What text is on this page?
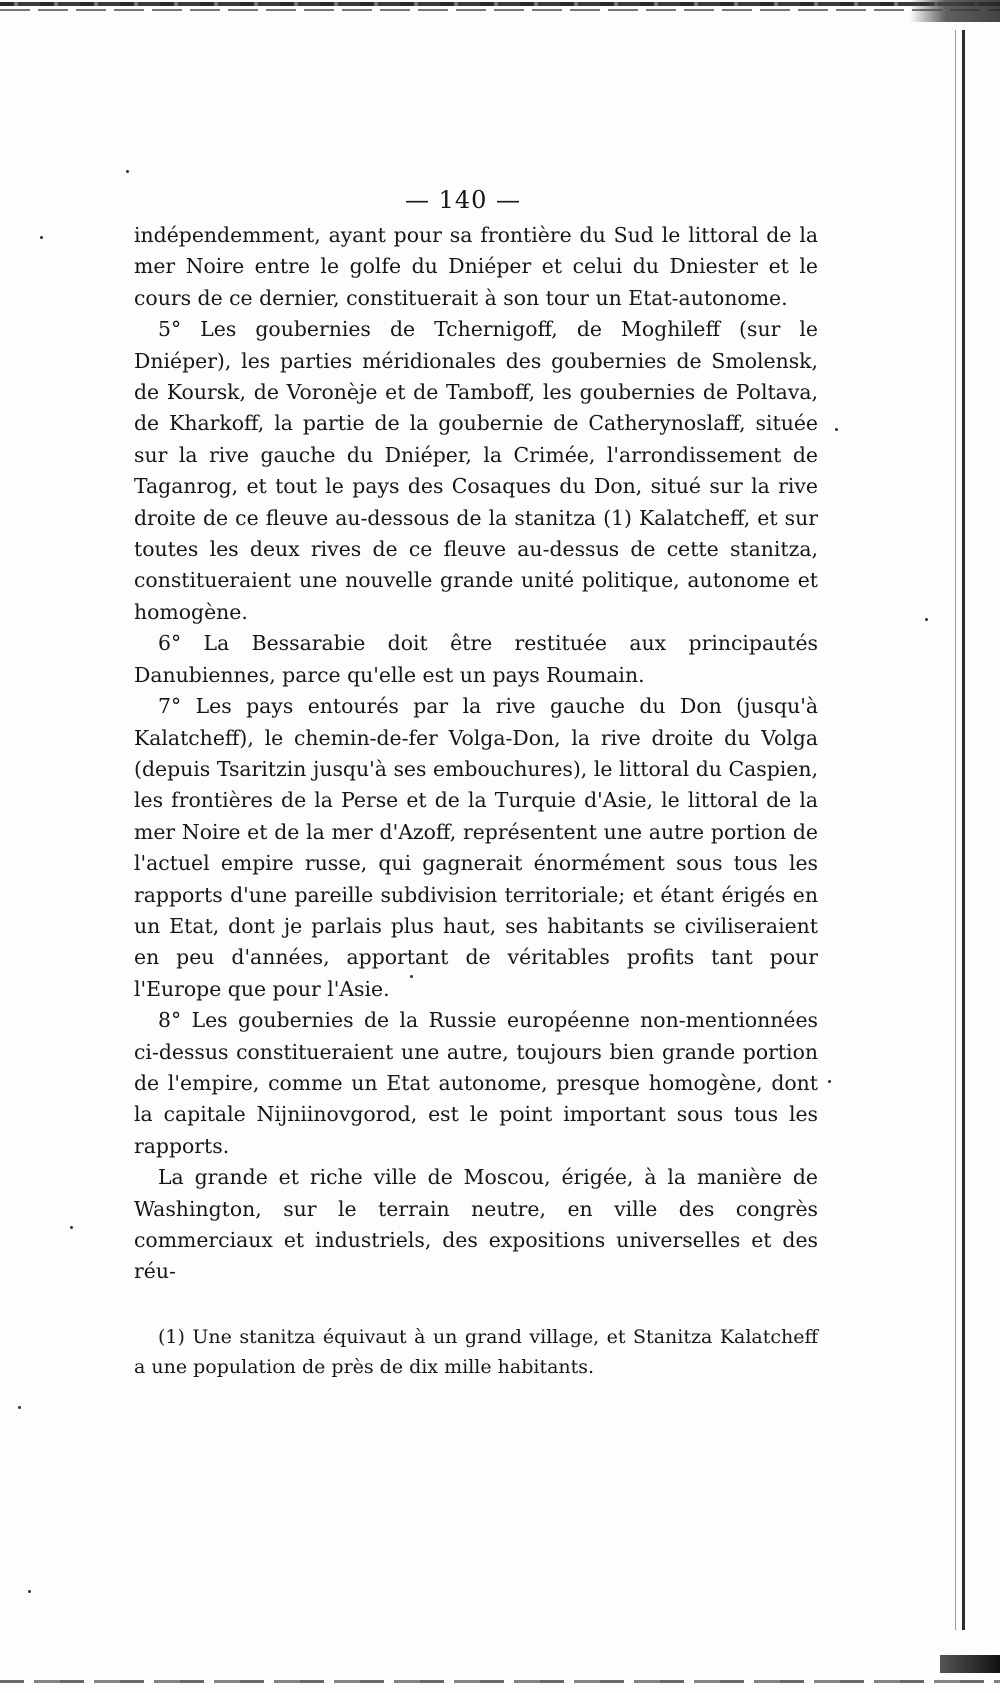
— 140 —

indépendemment, ayant pour sa frontière du Sud le littoral de la mer Noire entre le golfe du Dniéper et celui du Dniester et le cours de ce dernier, constituerait à son tour un Etat-autonome.

5° Les goubernies de Tchernigoff, de Moghileff (sur le Dniéper), les parties méridionales des goubernies de Smolensk, de Koursk, de Voronèje et de Tamboff, les goubernies de Poltava, de Kharkoff, la partie de la goubernie de Catherynoslaff, située sur la rive gauche du Dniéper, la Crimée, l'arrondissement de Taganrog, et tout le pays des Cosaques du Don, situé sur la rive droite de ce fleuve au-dessous de la stanitza (1) Kalatcheff, et sur toutes les deux rives de ce fleuve au-dessus de cette stanitza, constitueraient une nouvelle grande unité politique, autonome et homogène.

6° La Bessarabie doit être restituée aux principautés Danubiennes, parce qu'elle est un pays Roumain.

7° Les pays entourés par la rive gauche du Don (jusqu'à Kalatcheff), le chemin-de-fer Volga-Don, la rive droite du Volga (depuis Tsaritzin jusqu'à ses embouchures), le littoral du Caspien, les frontières de la Perse et de la Turquie d'Asie, le littoral de la mer Noire et de la mer d'Azoff, représentent une autre portion de l'actuel empire russe, qui gagnerait énormément sous tous les rapports d'une pareille subdivision territoriale; et étant érigés en un Etat, dont je parlais plus haut, ses habitants se civiliseraient en peu d'années, apportant de véritables profits tant pour l'Europe que pour l'Asie.

8° Les goubernies de la Russie européenne non-mentionnées ci-dessus constitueraient une autre, toujours bien grande portion de l'empire, comme un Etat autonome, presque homogène, dont la capitale Nijniinovgorod, est le point important sous tous les rapports.

La grande et riche ville de Moscou, érigée, à la manière de Washington, sur le terrain neutre, en ville des congrès commerciaux et industriels, des expositions universelles et des réu-

(1) Une stanitza équivaut à un grand village, et Stanitza Kalatcheff a une population de près de dix mille habitants.
